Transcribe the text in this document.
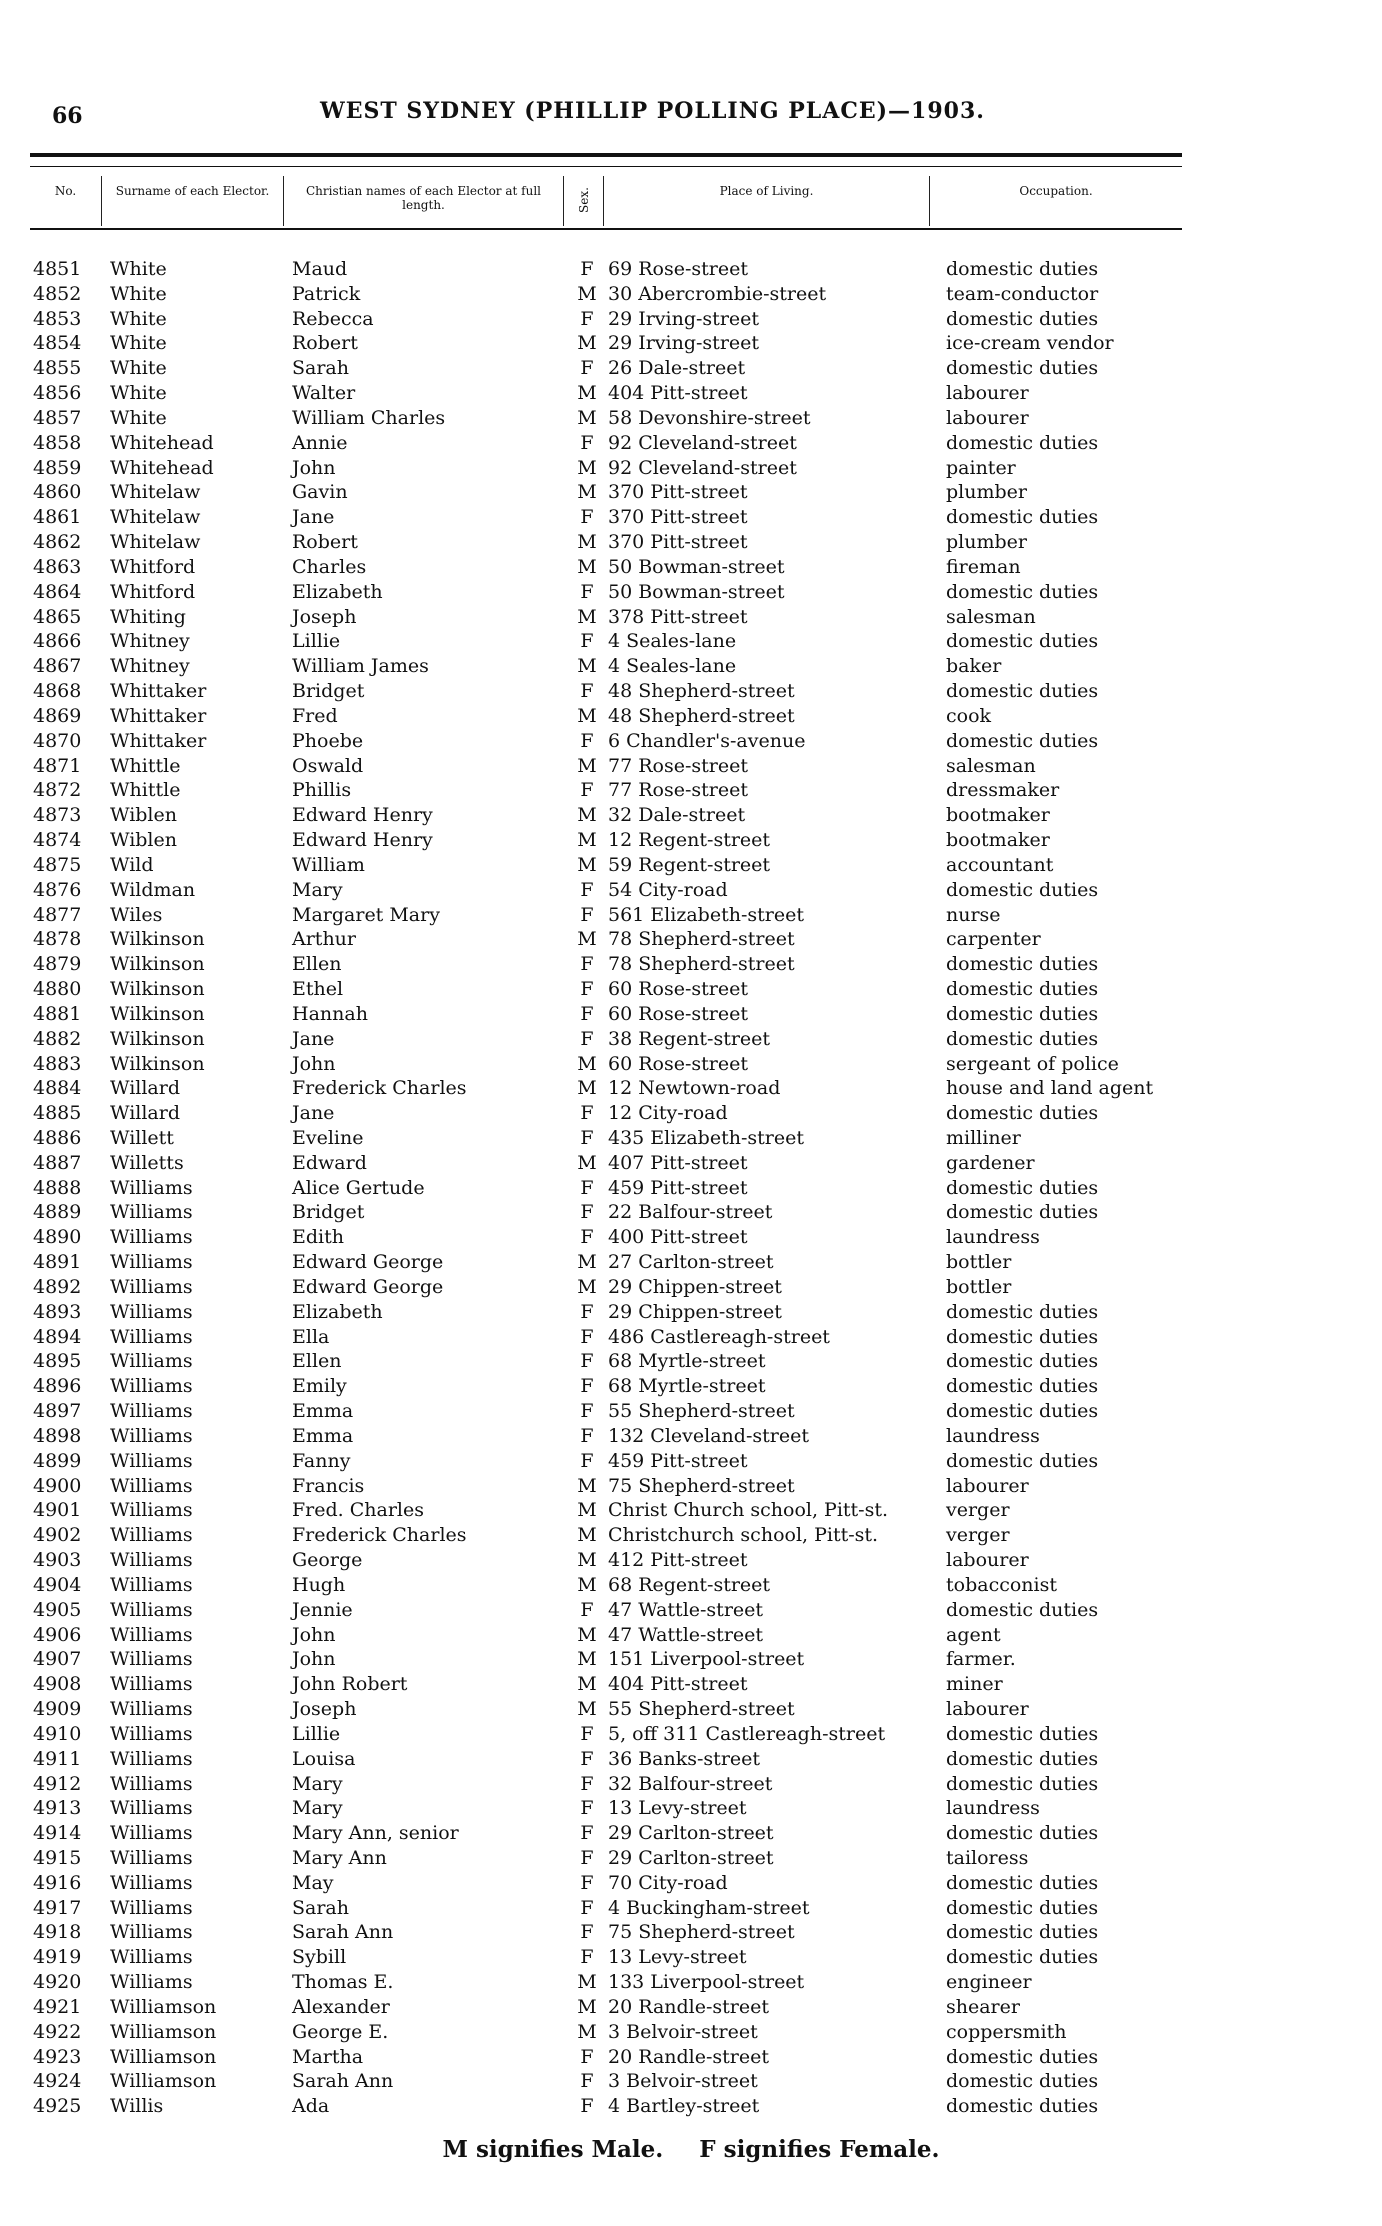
66	WEST SYDNEY (PHILLIP POLLING PLACE)—1903.
No.	Surname of each Elector.	Christian names of each Elector at full length.	Sex.	Place of Living.	Occupation.
4851 White	Maud	F 69 Rose-street	domestic duties
4852 White	Patrick	M 30 Abercrombie-street	team-conductor
4853 White	Rebecca	F 29 Irving-street	domestic duties
4854 White	Robert	M 29 Irving-street	ice-cream vendor
4855 White	Sarah	F 26 Dale-street	domestic duties
4856 White	Walter	M 404 Pitt-street	labourer
4857 White	William Charles	M 58 Devonshire-street	labourer
4858 Whitehead	Annie	F 92 Cleveland-street	domestic duties
4859 Whitehead	John	M 92 Cleveland-street	painter
4860 Whitelaw	Gavin	M 370 Pitt-street	plumber
4861 Whitelaw	Jane	F 370 Pitt-street	domestic duties
4862 Whitelaw	Robert	M 370 Pitt-street	plumber
4863 Whitford	Charles	M 50 Bowman-street	fireman
4864 Whitford	Elizabeth	F 50 Bowman-street	domestic duties
4865 Whiting	Joseph	M 378 Pitt-street	salesman
4866 Whitney	Lillie	F 4 Seales-lane	domestic duties
4867 Whitney	William James	M 4 Seales-lane	baker
4868 Whittaker	Bridget	F 48 Shepherd-street	domestic duties
4869 Whittaker	Fred	M 48 Shepherd-street	cook
4870 Whittaker	Phoebe	F 6 Chandler's-avenue	domestic duties
4871 Whittle	Oswald	M 77 Rose-street	salesman
4872 Whittle	Phillis	F 77 Rose-street	dressmaker
4873 Wiblen	Edward Henry	M 32 Dale-street	bootmaker
4874 Wiblen	Edward Henry	M 12 Regent-street	bootmaker
4875 Wild	William	M 59 Regent-street	accountant
4876 Wildman	Mary	F 54 City-road	domestic duties
4877 Wiles	Margaret Mary	F 561 Elizabeth-street	nurse
4878 Wilkinson	Arthur	M 78 Shepherd-street	carpenter
4879 Wilkinson	Ellen	F 78 Shepherd-street	domestic duties
4880 Wilkinson	Ethel	F 60 Rose-street	domestic duties
4881 Wilkinson	Hannah	F 60 Rose-street	domestic duties
4882 Wilkinson	Jane	F 38 Regent-street	domestic duties
4883 Wilkinson	John	M 60 Rose-street	sergeant of police
4884 Willard	Frederick Charles	M 12 Newtown-road	house and land agent
4885 Willard	Jane	F 12 City-road	domestic duties
4886 Willett	Eveline	F 435 Elizabeth-street	milliner
4887 Willetts	Edward	M 407 Pitt-street	gardener
4888 Williams	Alice Gertude	F 459 Pitt-street	domestic duties
4889 Williams	Bridget	F 22 Balfour-street	domestic duties
4890 Williams	Edith	F 400 Pitt-street	laundress
4891 Williams	Edward George	M 27 Carlton-street	bottler
4892 Williams	Edward George	M 29 Chippen-street	bottler
4893 Williams	Elizabeth	F 29 Chippen-street	domestic duties
4894 Williams	Ella	F 486 Castlereagh-street	domestic duties
4895 Williams	Ellen	F 68 Myrtle-street	domestic duties
4896 Williams	Emily	F 68 Myrtle-street	domestic duties
4897 Williams	Emma	F 55 Shepherd-street	domestic duties
4898 Williams	Emma	F 132 Cleveland-street	laundress
4899 Williams	Fanny	F 459 Pitt-street	domestic duties
4900 Williams	Francis	M 75 Shepherd-street	labourer
4901 Williams	Fred. Charles	M Christ Church school, Pitt-st.	verger
4902 Williams	Frederick Charles	M Christchurch school, Pitt-st.	verger
4903 Williams	George	M 412 Pitt-street	labourer
4904 Williams	Hugh	M 68 Regent-street	tobacconist
4905 Williams	Jennie	F 47 Wattle-street	domestic duties
4906 Williams	John	M 47 Wattle-street	agent
4907 Williams	John	M 151 Liverpool-street	farmer.
4908 Williams	John Robert	M 404 Pitt-street	miner
4909 Williams	Joseph	M 55 Shepherd-street	labourer
4910 Williams	Lillie	F 5, off 311 Castlereagh-street	domestic duties
4911 Williams	Louisa	F 36 Banks-street	domestic duties
4912 Williams	Mary	F 32 Balfour-street	domestic duties
4913 Williams	Mary	F 13 Levy-street	laundress
4914 Williams	Mary Ann, senior	F 29 Carlton-street	domestic duties
4915 Williams	Mary Ann	F 29 Carlton-street	tailoress
4916 Williams	May	F 70 City-road	domestic duties
4917 Williams	Sarah	F 4 Buckingham-street	domestic duties
4918 Williams	Sarah Ann	F 75 Shepherd-street	domestic duties
4919 Williams	Sybill	F 13 Levy-street	domestic duties
4920 Williams	Thomas E.	M 133 Liverpool-street	engineer
4921 Williamson	Alexander	M 20 Randle-street	shearer
4922 Williamson	George E.	M 3 Belvoir-street	coppersmith
4923 Williamson	Martha	F 20 Randle-street	domestic duties
4924 Williamson	Sarah Ann	F 3 Belvoir-street	domestic duties
4925 Willis	Ada	F 4 Bartley-street	domestic duties
M signifies Male. F signifies Female.
